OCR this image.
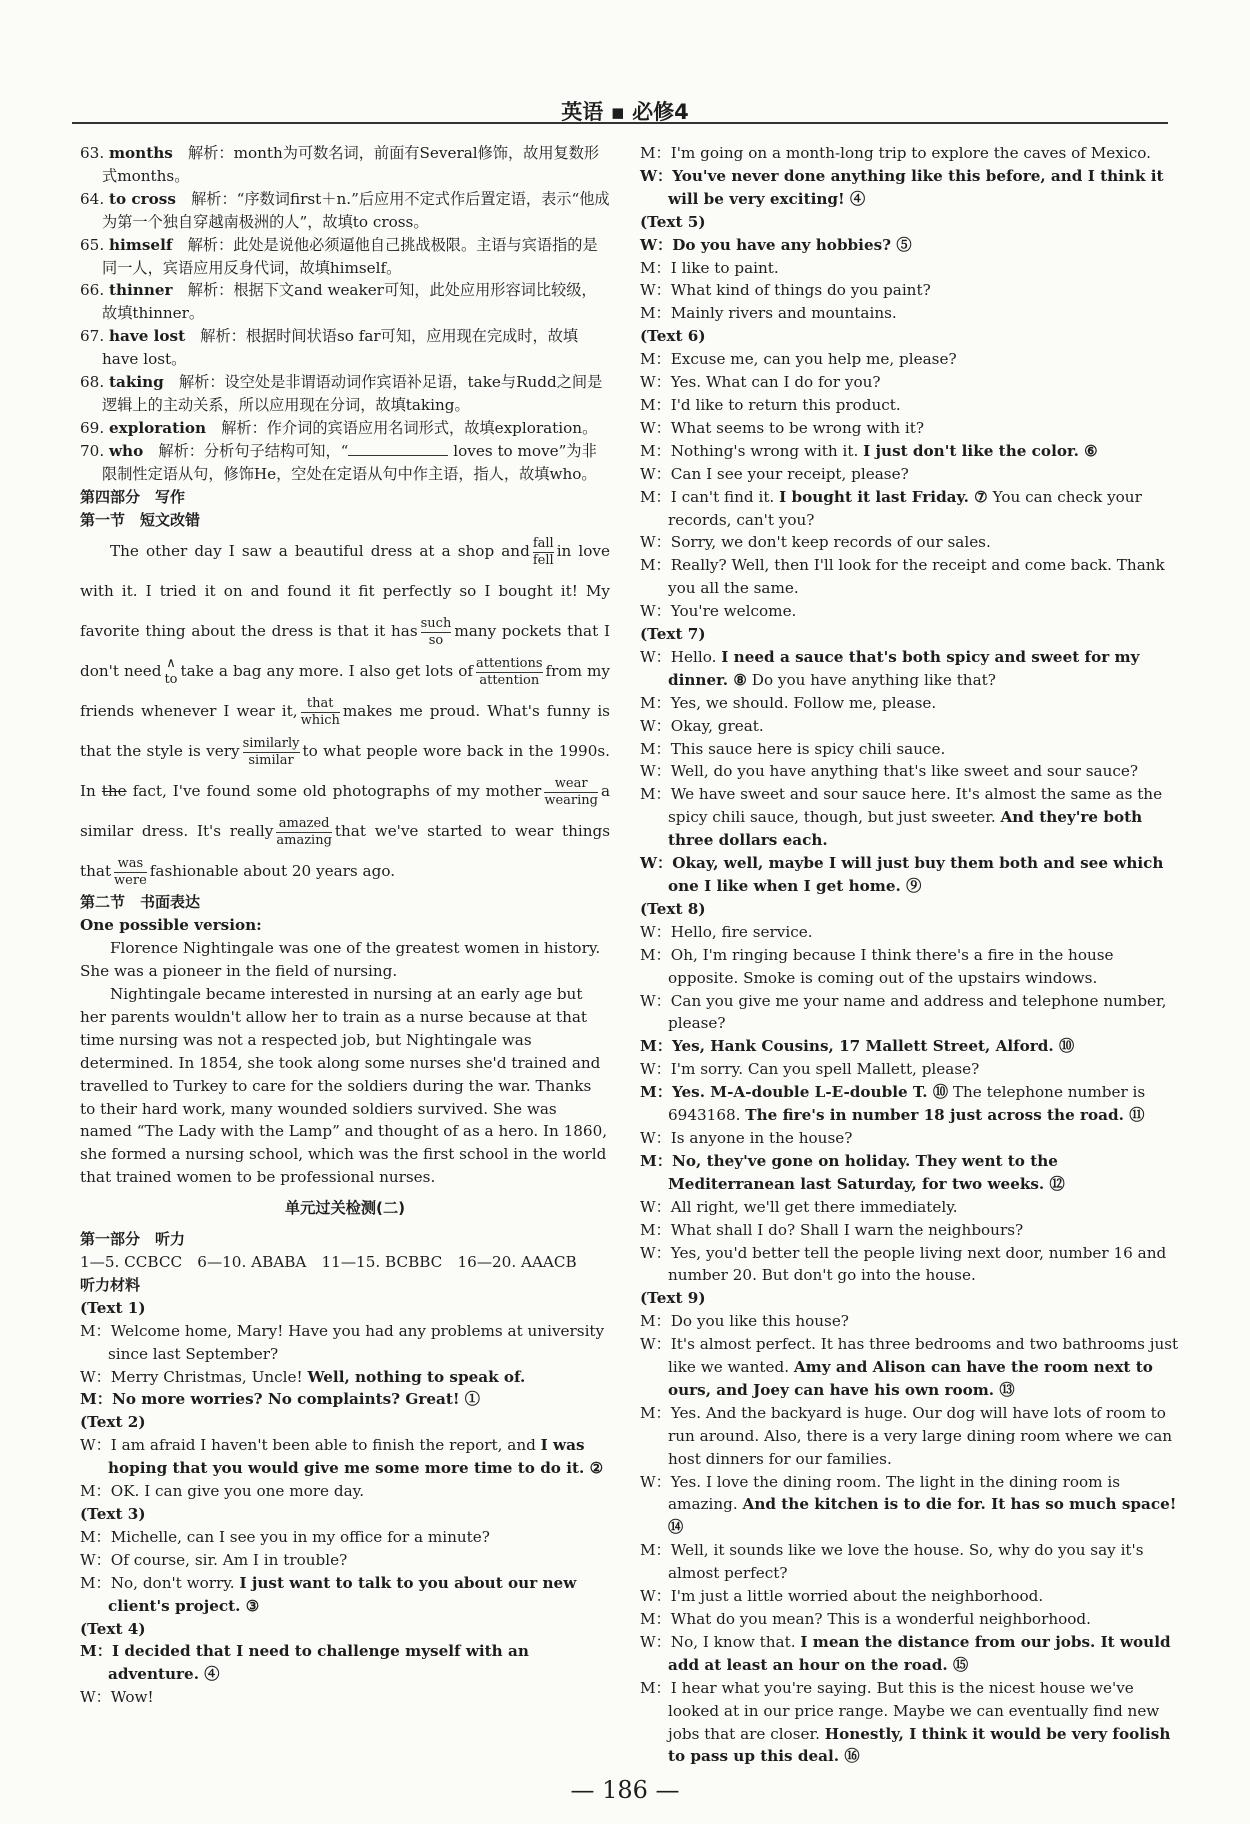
英语 ▪ 必修4

63. months　 解析：month为可数名词，前面有Several修饰，故用复数形式months。

64. to cross　 解析：“序数词first＋n.”后应用不定式作后置定语，表示“他成为第一个独自穿越南极洲的人”，故填to cross。

65. himself　 解析：此处是说他必须逼他自己挑战极限。主语与宾语指的是同一人，宾语应用反身代词，故填himself。

66. thinner　 解析：根据下文and weaker可知，此处应用形容词比较级，故填thinner。

67. have lost　 解析：根据时间状语so far可知，应用现在完成时，故填have lost。

68. taking　 解析：设空处是非谓语动词作宾语补足语，take与Rudd之间是逻辑上的主动关系，所以应用现在分词，故填taking。

69. exploration　 解析：作介词的宾语应用名词形式，故填exploration。

70. who　 解析：分析句子结构可知，“	loves to move”为非限制性定语从句，修饰He，空处在定语从句中作主语，指人，故填who。

第四部分　写作

第一节　短文改错

The other day I saw a beautiful dress at a shop and fall
fell in love with it. I tried it on and found it fit perfectly so I bought it! My favorite thing about the dress is that it has such
so many pockets that I don't need ∧
to take a bag any more. I also get lots of attentions
attention from my friends whenever I wear it, that
which makes me proud. What's funny is that the style is very similarly
similar to what people wore back in the 1990s. In the fact, I've found some old photographs of my mother	wear
wearing a similar dress. It's really amazed
amazing that we've started to wear things that was
were fashionable about 20 years ago.

第二节　书面表达

One possible version:

Florence Nightingale was one of the greatest women in history. She was a pioneer in the field of nursing.

Nightingale became interested in nursing at an early age but her parents wouldn't allow her to train as a nurse because at that time nursing was not a respected job, but Nightingale was determined. In 1854, she took along some nurses she'd trained and travelled to Turkey to care for the soldiers during the war. Thanks to their hard work, many wounded soldiers survived. She was named “The Lady with the Lamp” and thought of as a hero. In 1860, she formed a nursing school, which was the first school in the world that trained women to be professional nurses.

单元过关检测(二)

第一部分　听力

1—5. CCBCC　6—10. ABABA　11—15. BCBBC　16—20. AAACB

听力材料

(Text 1)

M：Welcome home, Mary! Have you had any problems at university since last September?

W：Merry Christmas, Uncle! Well, nothing to speak of.

M：No more worries? No complaints? Great! ①

(Text 2)

W：I am afraid I haven't been able to finish the report, and I was hoping that you would give me some more time to do it. ②

M：OK. I can give you one more day.

(Text 3)

M：Michelle, can I see you in my office for a minute?

W：Of course, sir. Am I in trouble?

M：No, don't worry. I just want to talk to you about our new client's project. ③

(Text 4)

M：I decided that I need to challenge myself with an adventure. ④

W：Wow!

M：I'm going on a month-long trip to explore the caves of Mexico.

W：You've never done anything like this before, and I think it will be very exciting! ④

(Text 5)

W：Do you have any hobbies? ⑤

M：I like to paint.

W：What kind of things do you paint?

M：Mainly rivers and mountains.

(Text 6)

M：Excuse me, can you help me, please?

W：Yes. What can I do for you?

M：I'd like to return this product.

W：What seems to be wrong with it?

M：Nothing's wrong with it. I just don't like the color. ⑥

W：Can I see your receipt, please?

M：I can't find it. I bought it last Friday. ⑦ You can check your records, can't you?

W：Sorry, we don't keep records of our sales.

M：Really? Well, then I'll look for the receipt and come back. Thank you all the same.

W：You're welcome.

(Text 7)

W：Hello. I need a sauce that's both spicy and sweet for my dinner. ⑧ Do you have anything like that?

M：Yes, we should. Follow me, please.

W：Okay, great.

M：This sauce here is spicy chili sauce.

W：Well, do you have anything that's like sweet and sour sauce?

M：We have sweet and sour sauce here. It's almost the same as the spicy chili sauce, though, but just sweeter. And they're both three dollars each.

W：Okay, well, maybe I will just buy them both and see which one I like when I get home. ⑨

(Text 8)

W：Hello, fire service.

M：Oh, I'm ringing because I think there's a fire in the house opposite. Smoke is coming out of the upstairs windows.

W：Can you give me your name and address and telephone number, please?

M：Yes, Hank Cousins, 17 Mallett Street, Alford. ⑩

W：I'm sorry. Can you spell Mallett, please?

M：Yes. M-A-double L-E-double T. ⑩ The telephone number is 6943168. The fire's in number 18 just across the road. ⑪

W：Is anyone in the house?

M：No, they've gone on holiday. They went to the Mediterranean last Saturday, for two weeks. ⑫

W：All right, we'll get there immediately.

M：What shall I do? Shall I warn the neighbours?

W：Yes, you'd better tell the people living next door, number 16 and number 20. But don't go into the house.

(Text 9)

M：Do you like this house?

W：It's almost perfect. It has three bedrooms and two bathrooms just like we wanted. Amy and Alison can have the room next to ours, and Joey can have his own room. ⑬

M：Yes. And the backyard is huge. Our dog will have lots of room to run around. Also, there is a very large dining room where we can host dinners for our families.

W：Yes. I love the dining room. The light in the dining room is amazing. And the kitchen is to die for. It has so much space! ⑭

M：Well, it sounds like we love the house. So, why do you say it's almost perfect?

W：I'm just a little worried about the neighborhood.

M：What do you mean? This is a wonderful neighborhood.

W：No, I know that. I mean the distance from our jobs. It would add at least an hour on the road. ⑮

M：I hear what you're saying. But this is the nicest house we've looked at in our price range. Maybe we can eventually find new jobs that are closer. Honestly, I think it would be very foolish to pass up this deal. ⑯

— 186 —
